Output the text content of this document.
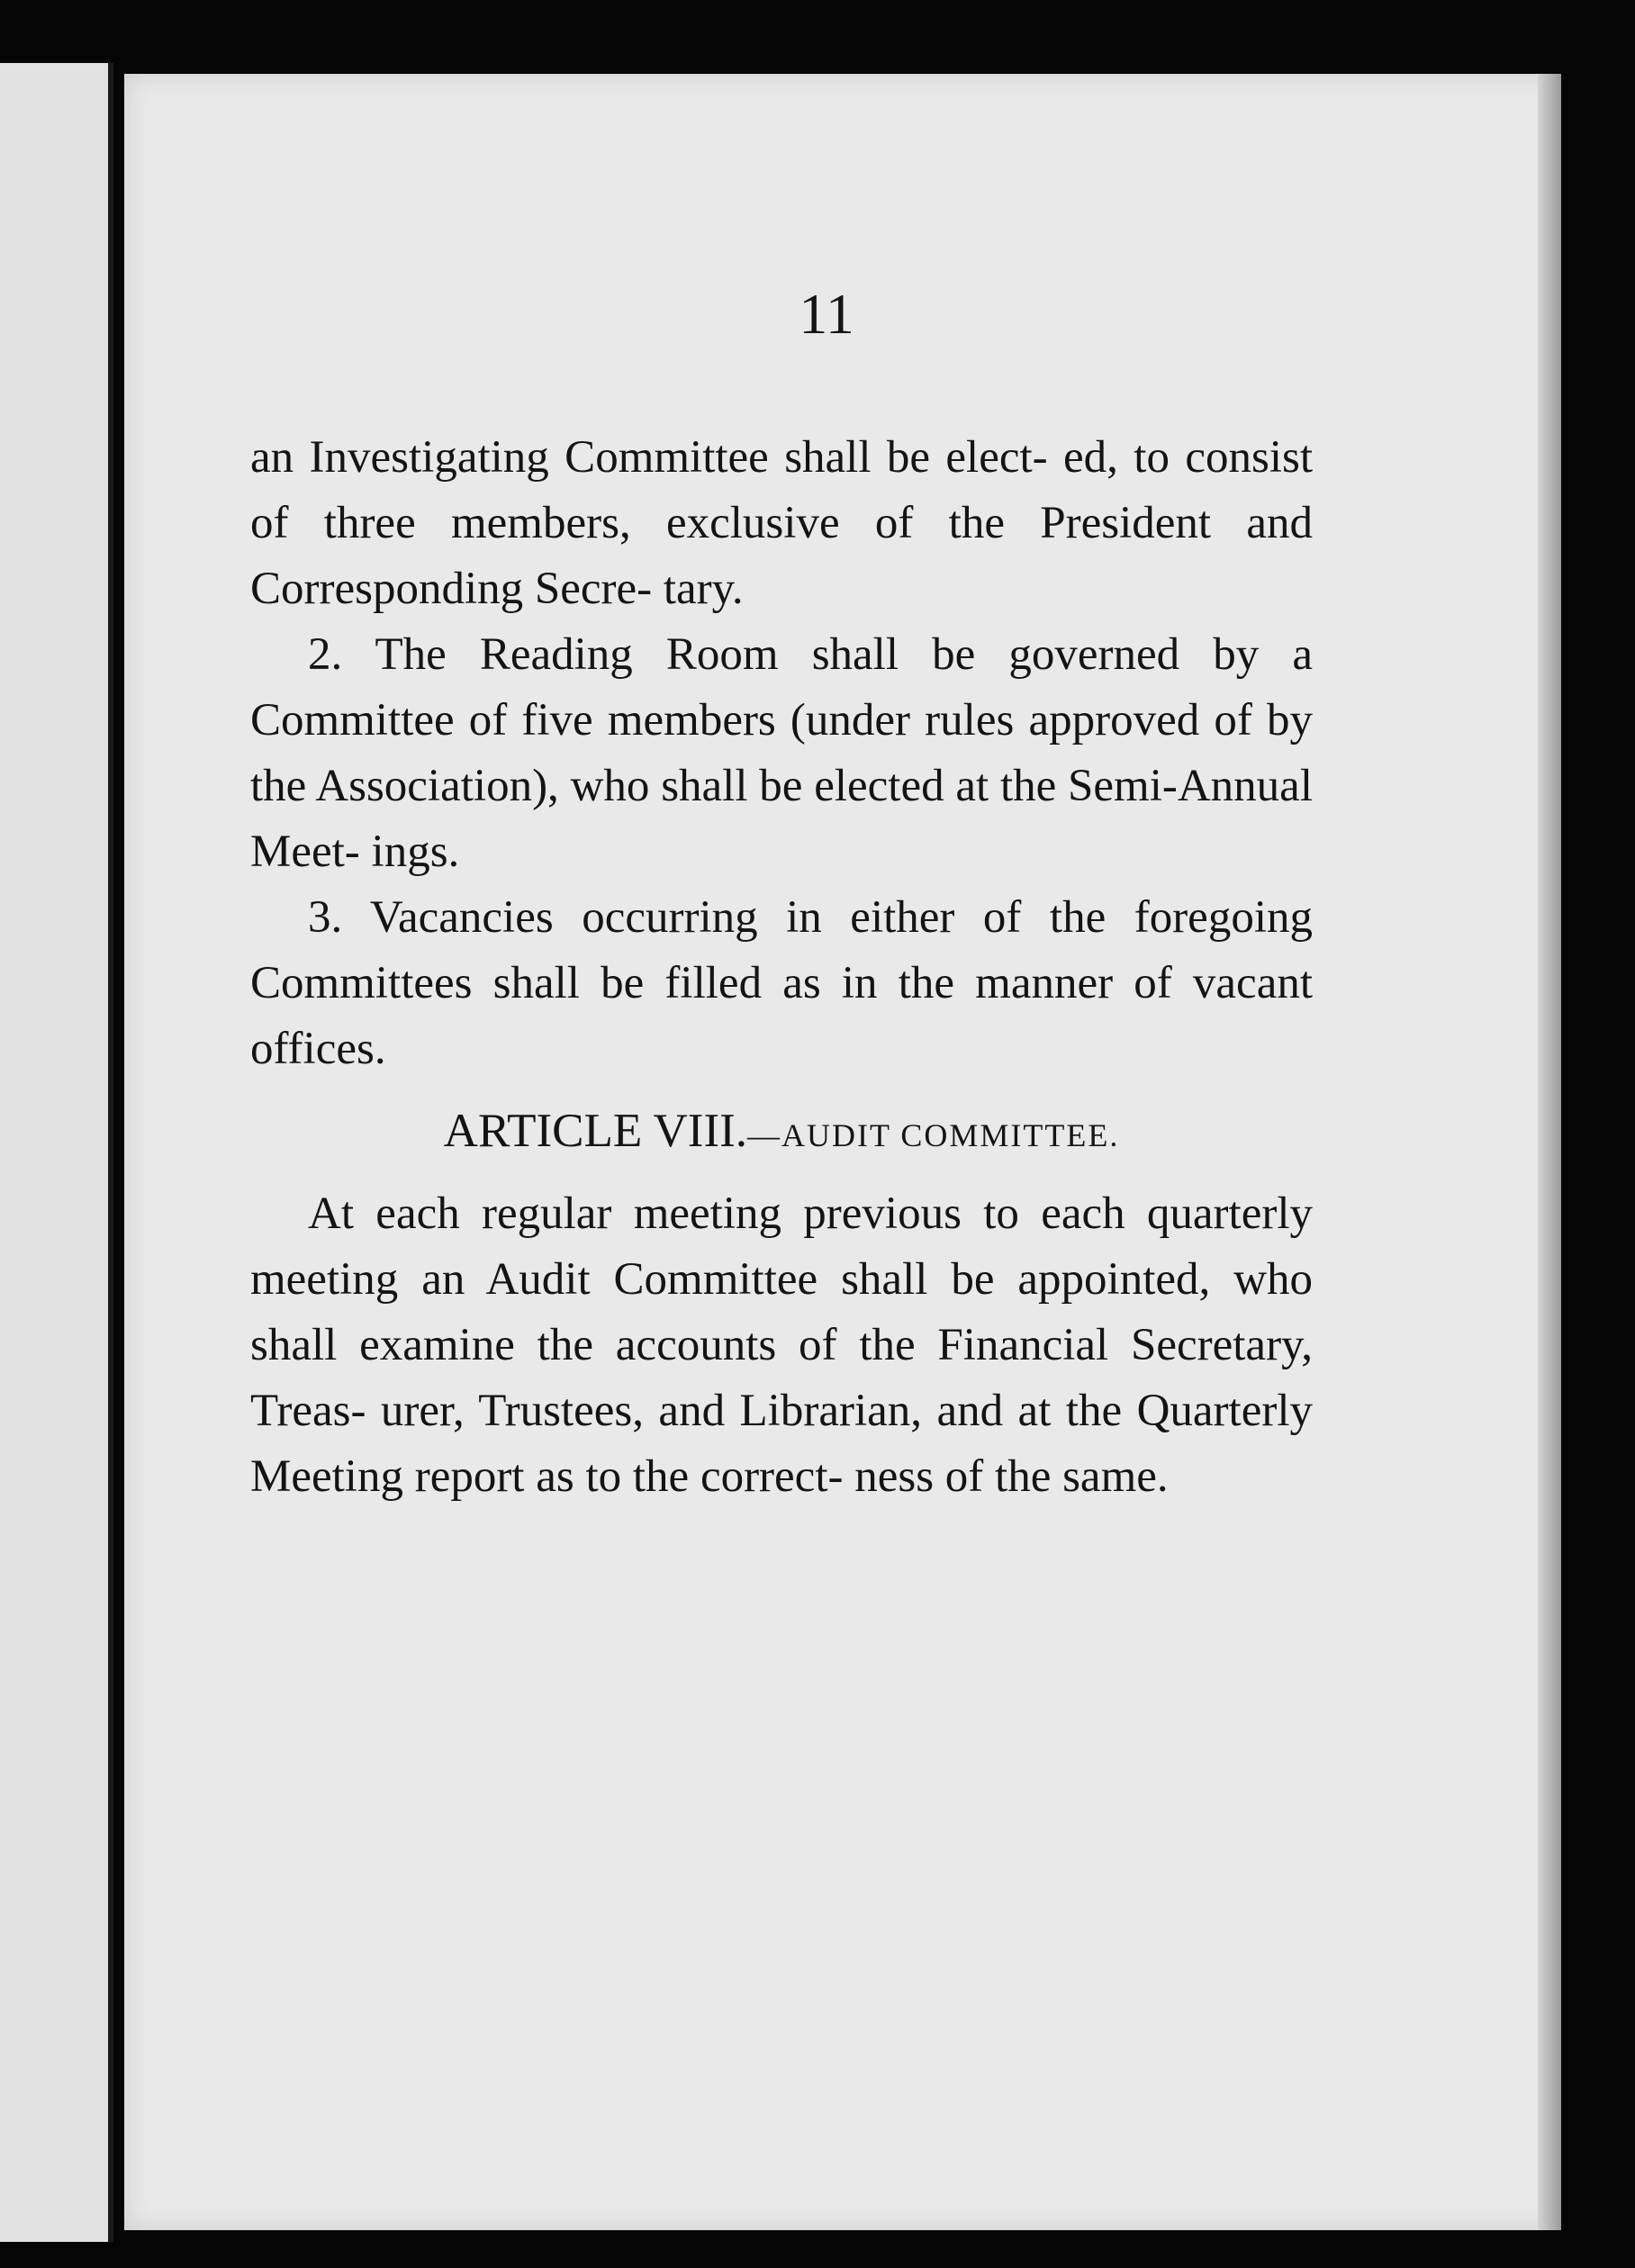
11

an Investigating Committee shall be elect- ed, to consist of three members, exclusive of the President and Corresponding Secre- tary.

2. The Reading Room shall be governed by a Committee of five members (under rules approved of by the Association), who shall be elected at the Semi-Annual Meet- ings.

3. Vacancies occurring in either of the foregoing Committees shall be filled as in the manner of vacant offices.

ARTICLE VIII.—AUDIT COMMITTEE.

At each regular meeting previous to each quarterly meeting an Audit Committee shall be appointed, who shall examine the accounts of the Financial Secretary, Treas- urer, Trustees, and Librarian, and at the Quarterly Meeting report as to the correct- ness of the same.
